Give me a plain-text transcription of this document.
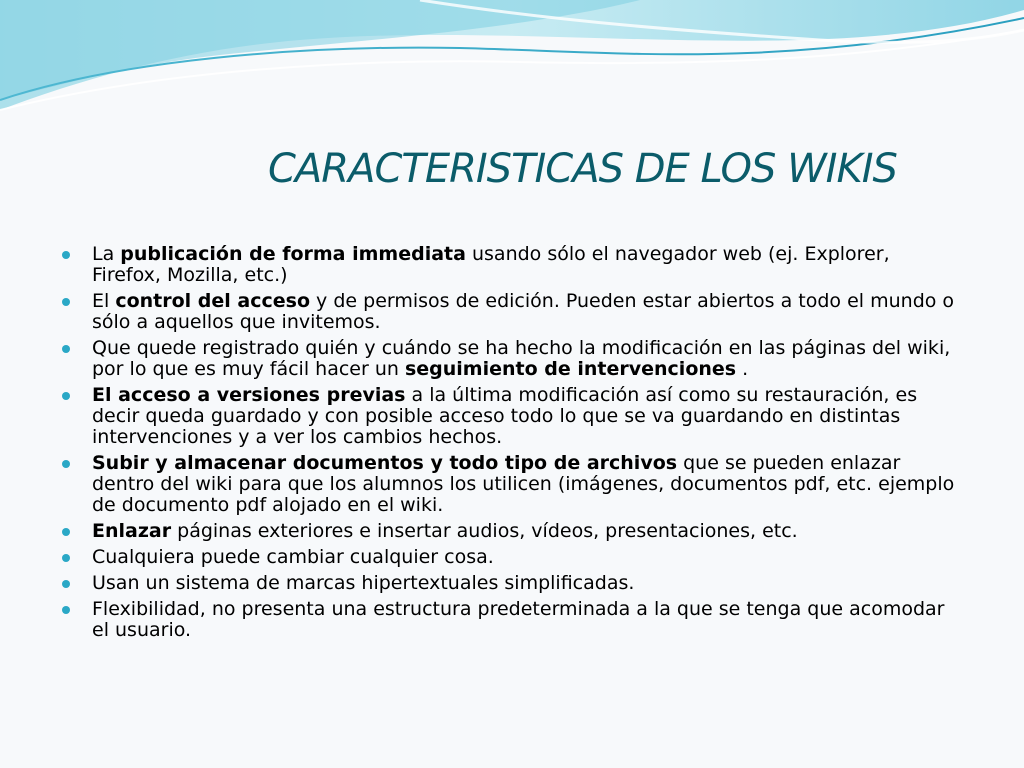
CARACTERISTICAS DE LOS WIKIS
La publicación de forma immediata usando sólo el navegador web (ej. Explorer, Firefox, Mozilla, etc.)
El control del acceso y de permisos de edición. Pueden estar abiertos a todo el mundo o sólo a aquellos que invitemos.
Que quede registrado quién y cuándo se ha hecho la modificación en las páginas del wiki, por lo que es muy fácil hacer un seguimiento de intervenciones .
El acceso a versiones previas a la última modificación así como su restauración, es decir queda guardado y con posible acceso todo lo que se va guardando en distintas intervenciones y a ver los cambios hechos.
Subir y almacenar documentos y todo tipo de archivos que se pueden enlazar dentro del wiki para que los alumnos los utilicen (imágenes, documentos pdf, etc. ejemplo de documento pdf alojado en el wiki.
Enlazar páginas exteriores e insertar audios, vídeos, presentaciones, etc.
Cualquiera puede cambiar cualquier cosa.
Usan un sistema de marcas hipertextuales simplificadas.
Flexibilidad, no presenta una estructura predeterminada a la que se tenga que acomodar el usuario.
